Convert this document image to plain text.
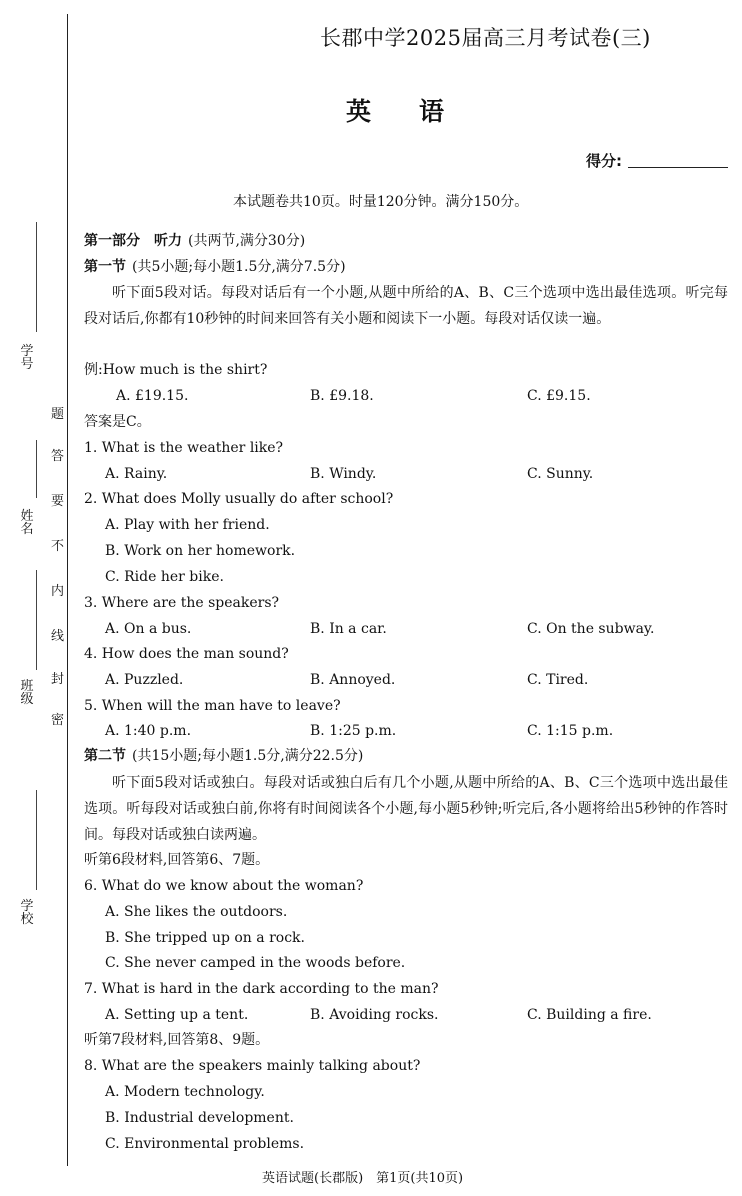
学号
姓名
班级
学校
题
答
要
不
内
线
封
密
长郡中学2025届高三月考试卷(三)
英语
得分:
本试题卷共10页。时量120分钟。满分150分。
第一部分　听力 (共两节,满分30分)
第一节 (共5小题;每小题1.5分,满分7.5分)
听下面5段对话。每段对话后有一个小题,从题中所给的A、B、C三个选项中选出最佳选项。听完每段对话后,你都有10秒钟的时间来回答有关小题和阅读下一小题。每段对话仅读一遍。
例:How much is the shirt?
A. £19.15.	B. £9.18.	C. £9.15.
答案是C。
1. What is the weather like?
A. Rainy.	B. Windy.	C. Sunny.
2. What does Molly usually do after school?
A. Play with her friend.
B. Work on her homework.
C. Ride her bike.
3. Where are the speakers?
A. On a bus.	B. In a car.	C. On the subway.
4. How does the man sound?
A. Puzzled.	B. Annoyed.	C. Tired.
5. When will the man have to leave?
A. 1:40 p.m.	B. 1:25 p.m.	C. 1:15 p.m.
第二节 (共15小题;每小题1.5分,满分22.5分)
听下面5段对话或独白。每段对话或独白后有几个小题,从题中所给的A、B、C三个选项中选出最佳选项。听每段对话或独白前,你将有时间阅读各个小题,每小题5秒钟;听完后,各小题将给出5秒钟的作答时间。每段对话或独白读两遍。
听第6段材料,回答第6、7题。
6. What do we know about the woman?
A. She likes the outdoors.
B. She tripped up on a rock.
C. She never camped in the woods before.
7. What is hard in the dark according to the man?
A. Setting up a tent.	B. Avoiding rocks.	C. Building a fire.
听第7段材料,回答第8、9题。
8. What are the speakers mainly talking about?
A. Modern technology.
B. Industrial development.
C. Environmental problems.
英语试题(长郡版)　第1页(共10页)
